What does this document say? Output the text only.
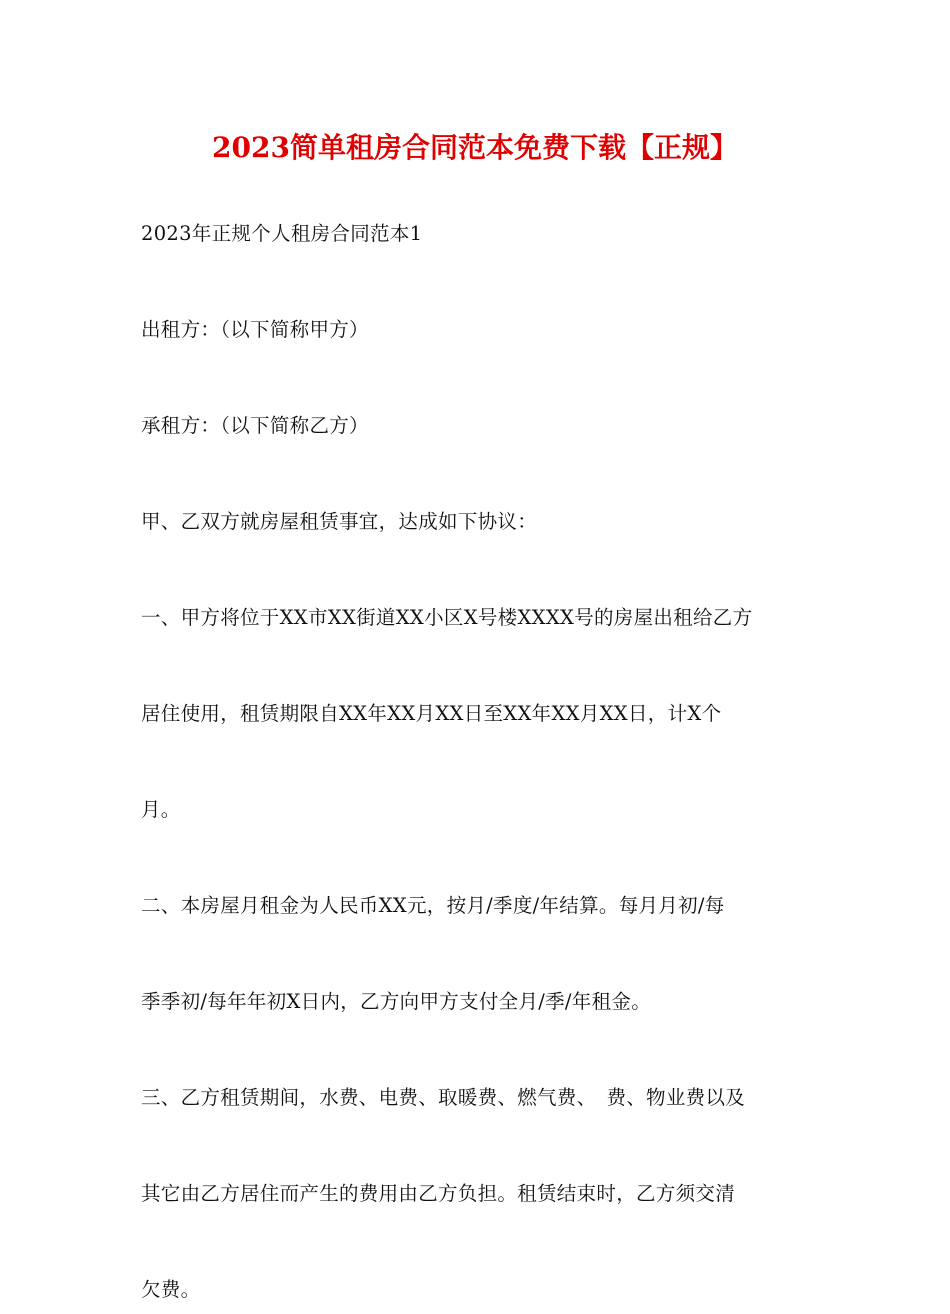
2023简单租房合同范本免费下载【正规】
2023年正规个人租房合同范本1
出租方：（以下简称甲方）
承租方：（以下简称乙方）
甲、乙双方就房屋租赁事宜，达成如下协议：
一、甲方将位于XX市XX街道XX小区X号楼XXXX号的房屋出租给乙方
居住使用，租赁期限自XX年XX月XX日至XX年XX月XX日，计X个
月。
二、本房屋月租金为人民币XX元，按月/季度/年结算。每月月初/每
季季初/每年年初X日内，乙方向甲方支付全月/季/年租金。
三、乙方租赁期间，水费、电费、取暖费、燃气费、　费、物业费以及
其它由乙方居住而产生的费用由乙方负担。租赁结束时，乙方须交清
欠费。
